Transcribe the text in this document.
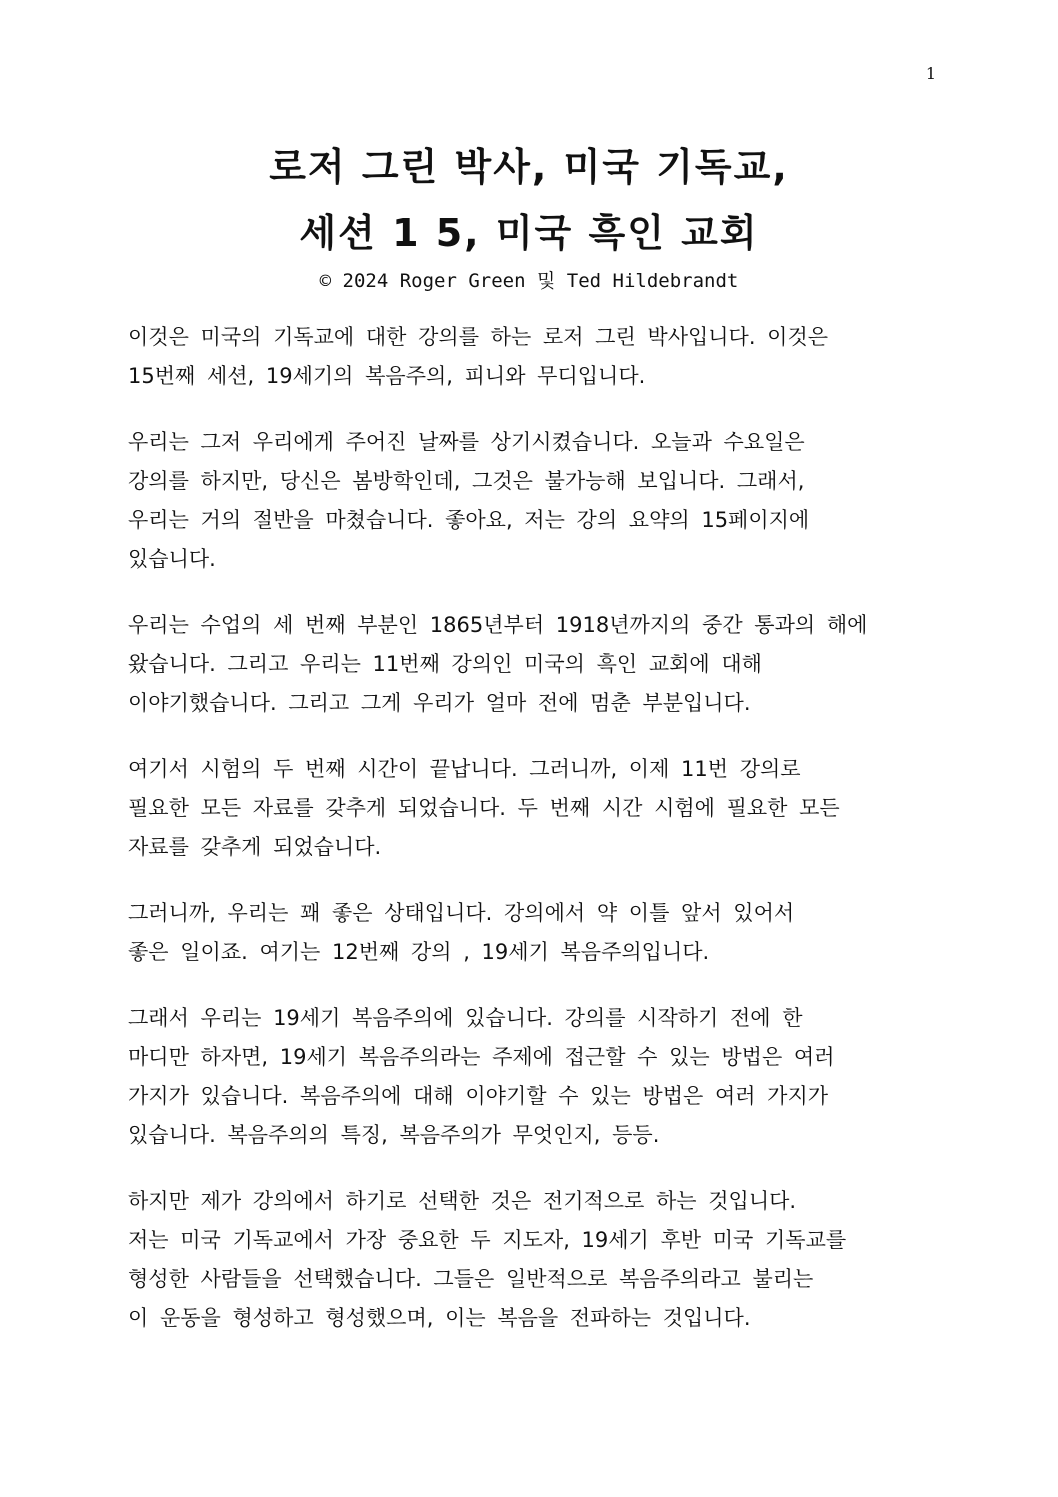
1
로저 그린 박사, 미국 기독교,
세션 1 5, 미국 흑인 교회
© 2024 Roger Green 및 Ted Hildebrandt

이것은 미국의 기독교에 대한 강의를 하는 로저 그린 박사입니다. 이것은
15번째 세션, 19세기의 복음주의, 피니와 무디입니다.

우리는 그저 우리에게 주어진 날짜를 상기시켰습니다. 오늘과 수요일은
강의를 하지만, 당신은 봄방학인데, 그것은 불가능해 보입니다. 그래서,
우리는 거의 절반을 마쳤습니다. 좋아요, 저는 강의 요약의 15페이지에
있습니다.

우리는 수업의 세 번째 부분인 1865년부터 1918년까지의 중간 통과의 해에
왔습니다. 그리고 우리는 11번째 강의인 미국의 흑인 교회에 대해
이야기했습니다. 그리고 그게 우리가 얼마 전에 멈춘 부분입니다.

여기서 시험의 두 번째 시간이 끝납니다. 그러니까, 이제 11번 강의로
필요한 모든 자료를 갖추게 되었습니다. 두 번째 시간 시험에 필요한 모든
자료를 갖추게 되었습니다.

그러니까, 우리는 꽤 좋은 상태입니다. 강의에서 약 이틀 앞서 있어서
좋은 일이죠. 여기는 12번째 강의 , 19세기 복음주의입니다.

그래서 우리는 19세기 복음주의에 있습니다. 강의를 시작하기 전에 한
마디만 하자면, 19세기 복음주의라는 주제에 접근할 수 있는 방법은 여러
가지가 있습니다. 복음주의에 대해 이야기할 수 있는 방법은 여러 가지가
있습니다. 복음주의의 특징, 복음주의가 무엇인지, 등등.

하지만 제가 강의에서 하기로 선택한 것은 전기적으로 하는 것입니다.
저는 미국 기독교에서 가장 중요한 두 지도자, 19세기 후반 미국 기독교를
형성한 사람들을 선택했습니다. 그들은 일반적으로 복음주의라고 불리는
이 운동을 형성하고 형성했으며, 이는 복음을 전파하는 것입니다.
